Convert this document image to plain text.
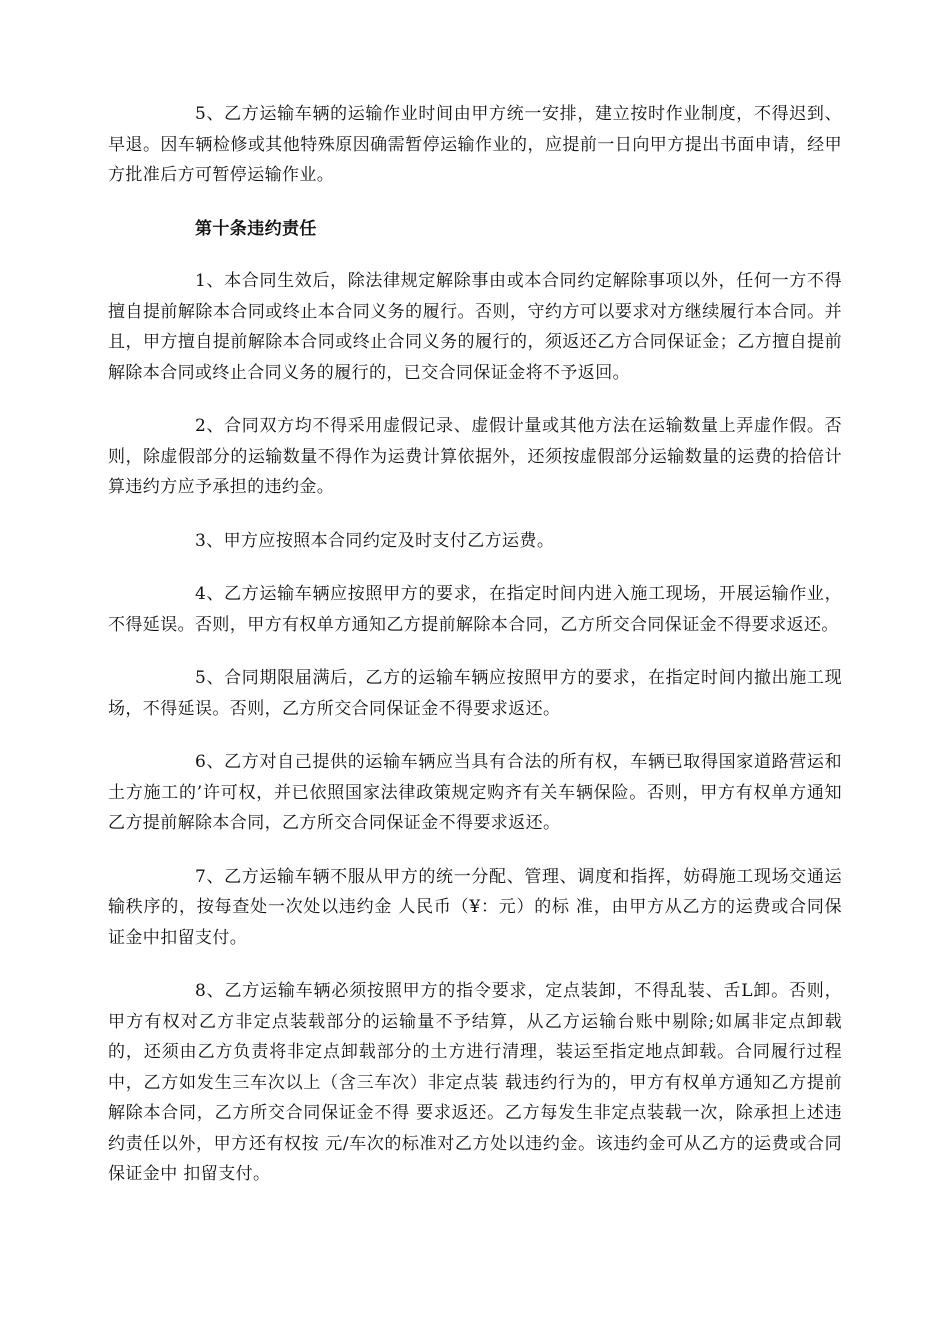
5、乙方运输车辆的运输作业时间由甲方统一安排，建立按时作业制度，不得迟到、早退。因车辆检修或其他特殊原因确需暂停运输作业的，应提前一日向甲方提出书面申请，经甲方批准后方可暂停运输作业。

第十条违约责任

1、本合同生效后，除法律规定解除事由或本合同约定解除事项以外，任何一方不得擅自提前解除本合同或终止本合同义务的履行。否则，守约方可以要求对方继续履行本合同。并且，甲方擅自提前解除本合同或终止合同义务的履行的，须返还乙方合同保证金；乙方擅自提前解除本合同或终止合同义务的履行的，已交合同保证金将不予返回。

2、合同双方均不得采用虚假记录、虚假计量或其他方法在运输数量上弄虚作假。否则，除虚假部分的运输数量不得作为运费计算依据外，还须按虚假部分运输数量的运费的拾倍计算违约方应予承担的违约金。

3、甲方应按照本合同约定及时支付乙方运费。

4、乙方运输车辆应按照甲方的要求，在指定时间内进入施工现场，开展运输作业，不得延误。否则，甲方有权单方通知乙方提前解除本合同，乙方所交合同保证金不得要求返还。

5、合同期限届满后，乙方的运输车辆应按照甲方的要求，在指定时间内撤出施工现场，不得延误。否则，乙方所交合同保证金不得要求返还。

6、乙方对自己提供的运输车辆应当具有合法的所有权，车辆已取得国家道路营运和土方施工的’许可权，并已依照国家法律政策规定购齐有关车辆保险。否则，甲方有权单方通知乙方提前解除本合同，乙方所交合同保证金不得要求返还。

7、乙方运输车辆不服从甲方的统一分配、管理、调度和指挥，妨碍施工现场交通运输秩序的，按每查处一次处以违约金 人民币（¥：元）的标 准，由甲方从乙方的运费或合同保证金中扣留支付。

8、乙方运输车辆必须按照甲方的指令要求，定点装卸，不得乱装、舌L卸。否则，甲方有权对乙方非定点装载部分的运输量不予结算，从乙方运输台账中剔除;如属非定点卸载的，还须由乙方负责将非定点卸载部分的土方进行清理，装运至指定地点卸载。合同履行过程中，乙方如发生三车次以上（含三车次）非定点装 载违约行为的，甲方有权单方通知乙方提前解除本合同，乙方所交合同保证金不得 要求返还。乙方每发生非定点装载一次，除承担上述违约责任以外，甲方还有权按 元/车次的标准对乙方处以违约金。该违约金可从乙方的运费或合同保证金中 扣留支付。
